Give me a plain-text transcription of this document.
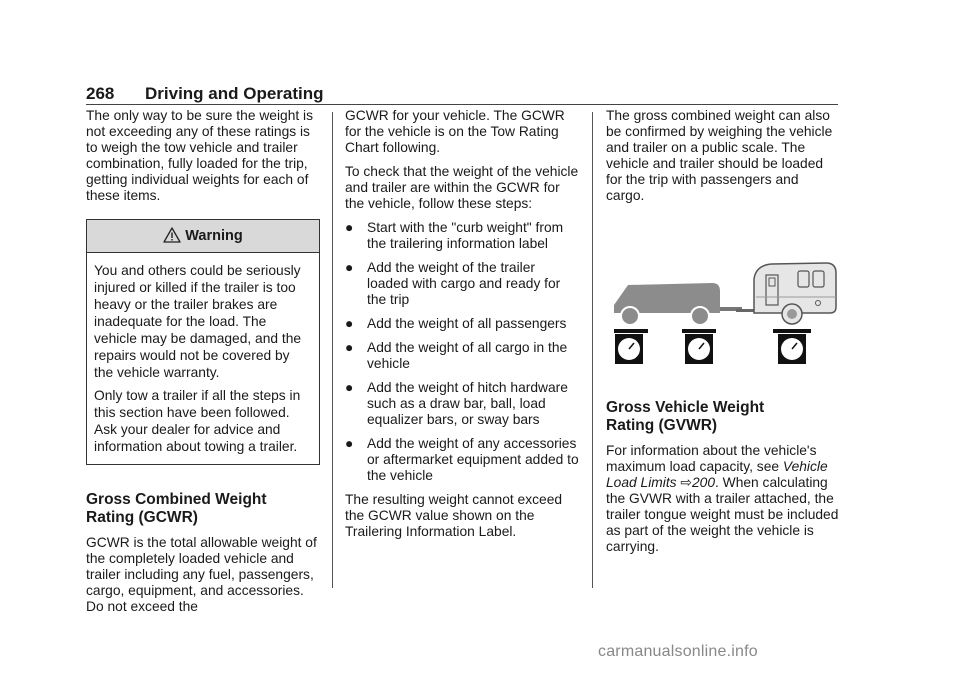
268 Driving and Operating

The only way to be sure the weight is not exceeding any of these ratings is to weigh the tow vehicle and trailer combination, fully loaded for the trip, getting individual weights for each of these items.

Warning

You and others could be seriously injured or killed if the trailer is too heavy or the trailer brakes are inadequate for the load. The vehicle may be damaged, and the repairs would not be covered by the vehicle warranty.

Only tow a trailer if all the steps in this section have been followed. Ask your dealer for advice and information about towing a trailer.

Gross Combined Weight
Rating (GCWR)

GCWR is the total allowable weight of the completely loaded vehicle and trailer including any fuel, passengers, cargo, equipment, and accessories. Do not exceed the

GCWR for your vehicle. The GCWR for the vehicle is on the Tow Rating Chart following.

To check that the weight of the vehicle and trailer are within the GCWR for the vehicle, follow these steps:

● Start with the "curb weight" from the trailering information label
● Add the weight of the trailer loaded with cargo and ready for the trip
● Add the weight of all passengers
● Add the weight of all cargo in the vehicle
● Add the weight of hitch hardware such as a draw bar, ball, load equalizer bars, or sway bars
● Add the weight of any accessories or aftermarket equipment added to the vehicle

The resulting weight cannot exceed the GCWR value shown on the Trailering Information Label.

The gross combined weight can also be confirmed by weighing the vehicle and trailer on a public scale. The vehicle and trailer should be loaded for the trip with passengers and cargo.

Gross Vehicle Weight
Rating (GVWR)

For information about the vehicle's maximum load capacity, see Vehicle Load Limits ⇨200. When calculating the GVWR with a trailer attached, the trailer tongue weight must be included as part of the weight the vehicle is carrying.

carmanualsonline.info
